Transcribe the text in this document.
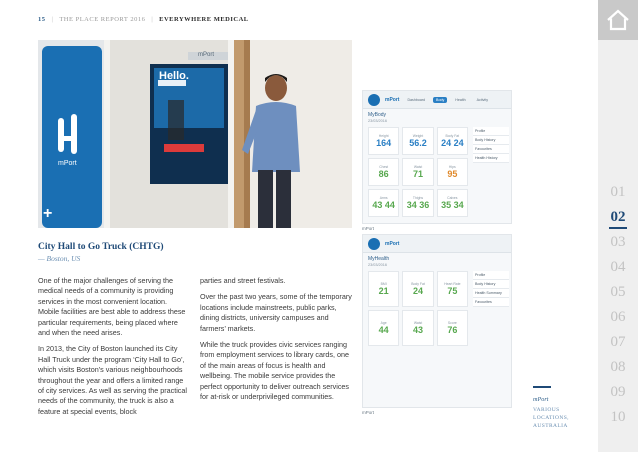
15 | THE PLACE REPORT 2016 | EVERYWHERE MEDICAL
01
02
03
04
05
06
07
08
09
10
Hello.
mPort
mPort
+
City Hall to Go Truck (CHTG)
— Boston, US

One of the major challenges of serving the medical needs of a community is providing services in the most convenient location. Mobile facilities are best able to address these particular requirements, being placed where and when the need arises.

In 2013, the City of Boston launched its City Hall Truck under the program ‘City Hall to Go’, which visits Boston’s various neighbourhoods throughout the year and offers a limited range of city services. As well as serving the practical needs of the community, the truck is also a feature at special events, block

parties and street festivals.

Over the past two years, some of the temporary locations include mainstreets, public parks, dining districts, university campuses and farmers’ markets.

While the truck provides civic services ranging from employment services to library cards, one of the main areas of focus is health and wellbeing. The mobile service provides the perfect opportunity to deliver outreach services for at-risk or underprivileged communities.

mPort	Dashboard	Body	Health	Activity
MyBody
23/03/2016
Height
164
Weight
56.2
Body Fat
24 24
Chest
86
Waist
71
Hips
95
Arms
43 44
Thighs
34 36
Calves
35 34
Profile
Body History
Favourites
Health History
mPort
mPort
MyHealth
23/03/2016
BMI
21
Body Fat
24
Heart Rate
75
Age
44
Waist
43
Score
76
Profile
Body History
Health Summary
Favourites
mPort
mPort
VARIOUS LOCATIONS, AUSTRALIA
